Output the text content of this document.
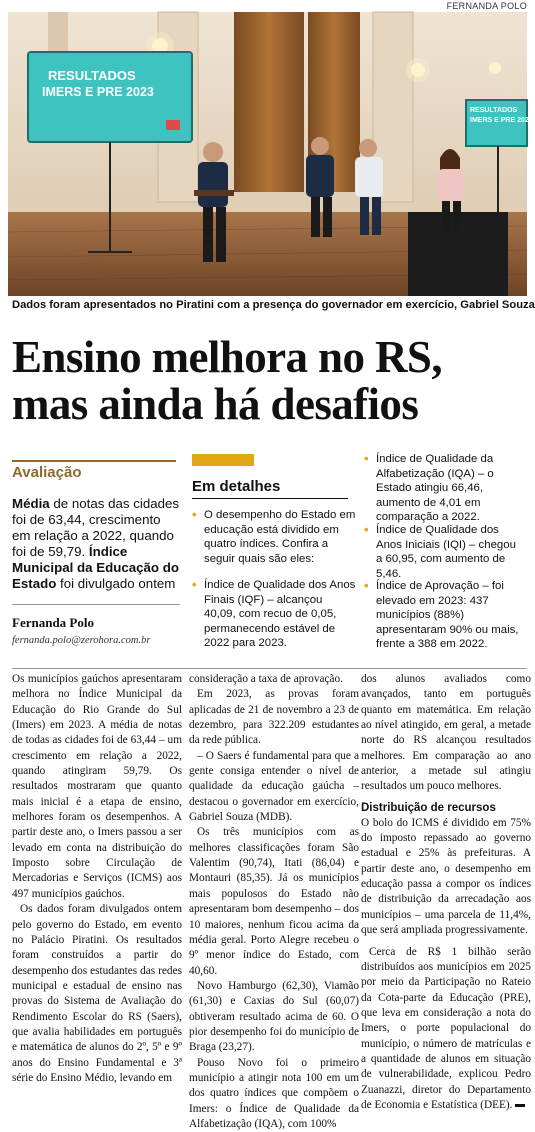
FERNANDA POLO
RESULTADOS
IMERS E PRE 2023
RESULTADOS
IMERS E PRE 2023
Dados foram apresentados no Piratini com a presença do governador em exercício, Gabriel Souza
Ensino melhora no RS,
mas ainda há desafios
Avaliação

Média de notas das cidades foi de 63,44, crescimento em relação a 2022, quando foi de 59,79. Índice Municipal da Educação do Estado foi divulgado ontem

Fernanda Polo
fernanda.polo@zerohora.com.br
Em detalhes
• O desempenho do Estado em educação está dividido em quatro índices. Confira a seguir quais são eles:
• Índice de Qualidade dos Anos Finais (IQF) – alcançou 40,09, com recuo de 0,05, permanecendo estável de 2022 para 2023.
• Índice de Qualidade da Alfabetização (IQA) – o Estado atingiu 66,46, aumento de 4,01 em comparação a 2022.
• Índice de Qualidade dos Anos Iniciais (IQI) – chegou a 60,95, com aumento de 5,46.
• Índice de Aprovação – foi elevado em 2023: 437 municípios (88%) apresentaram 90% ou mais, frente a 388 em 2022.

Os municípios gaúchos apresentaram melhora no Índice Municipal da Educação do Rio Grande do Sul (Imers) em 2023. A média de notas de todas as cidades foi de 63,44 – um crescimento em relação a 2022, quando atingiram 59,79. Os resultados mostraram que quanto mais inicial é a etapa de ensino, melhores foram os desempenhos. A partir deste ano, o Imers passou a ser levado em conta na distribuição do Imposto sobre Circulação de Mercadorias e Serviços (ICMS) aos 497 municípios gaúchos.

Os dados foram divulgados ontem pelo governo do Estado, em evento no Palácio Piratini. Os resultados foram construídos a partir do desempenho dos estudantes das redes municipal e estadual de ensino nas provas do Sistema de Avaliação do Rendimento Escolar do RS (Saers), que avalia habilidades em português e matemática de alunos do 2º, 5º e 9º anos do Ensino Fundamental e 3ª série do Ensino Médio, levando em

consideração a taxa de aprovação.

Em 2023, as provas foram aplicadas de 21 de novembro a 23 de dezembro, para 322.209 estudantes da rede pública.

– O Saers é fundamental para que a gente consiga entender o nível de qualidade da educação gaúcha – destacou o governador em exercício, Gabriel Souza (MDB).

Os três municípios com as melhores classificações foram São Valentim (90,74), Itati (86,04) e Montauri (85,35). Já os municípios mais populosos do Estado não apresentaram bom desempenho – dos 10 maiores, nenhum ficou acima da média geral. Porto Alegre recebeu o 9º menor índice do Estado, com 40,60.

Novo Hamburgo (62,30), Viamão (61,30) e Caxias do Sul (60,07) obtiveram resultado acima de 60. O pior desempenho foi do município de Braga (23,27).

Pouso Novo foi o primeiro município a atingir nota 100 em um dos quatro índices que compõem o Imers: o Índice de Qualidade da Alfabetização (IQA), com 100%

dos alunos avaliados como avançados, tanto em português quanto em matemática. Em relação ao nível atingido, em geral, a metade norte do RS alcançou resultados melhores. Em comparação ao ano anterior, a metade sul atingiu resultados um pouco melhores.

Distribuição de recursos

O bolo do ICMS é dividido em 75% do imposto repassado ao governo estadual e 25% às prefeituras. A partir deste ano, o desempenho em educação passa a compor os índices de distribuição da arrecadação aos municípios – uma parcela de 11,4%, que será ampliada progressivamente.

Cerca de R$ 1 bilhão serão distribuídos aos municípios em 2025 por meio da Participação no Rateio da Cota-parte da Educação (PRE), que leva em consideração a nota do Imers, o porte populacional do município, o número de matrículas e a quantidade de alunos em situação de vulnerabilidade, explicou Pedro Zuanazzi, diretor do Departamento de Economia e Estatística (DEE).
